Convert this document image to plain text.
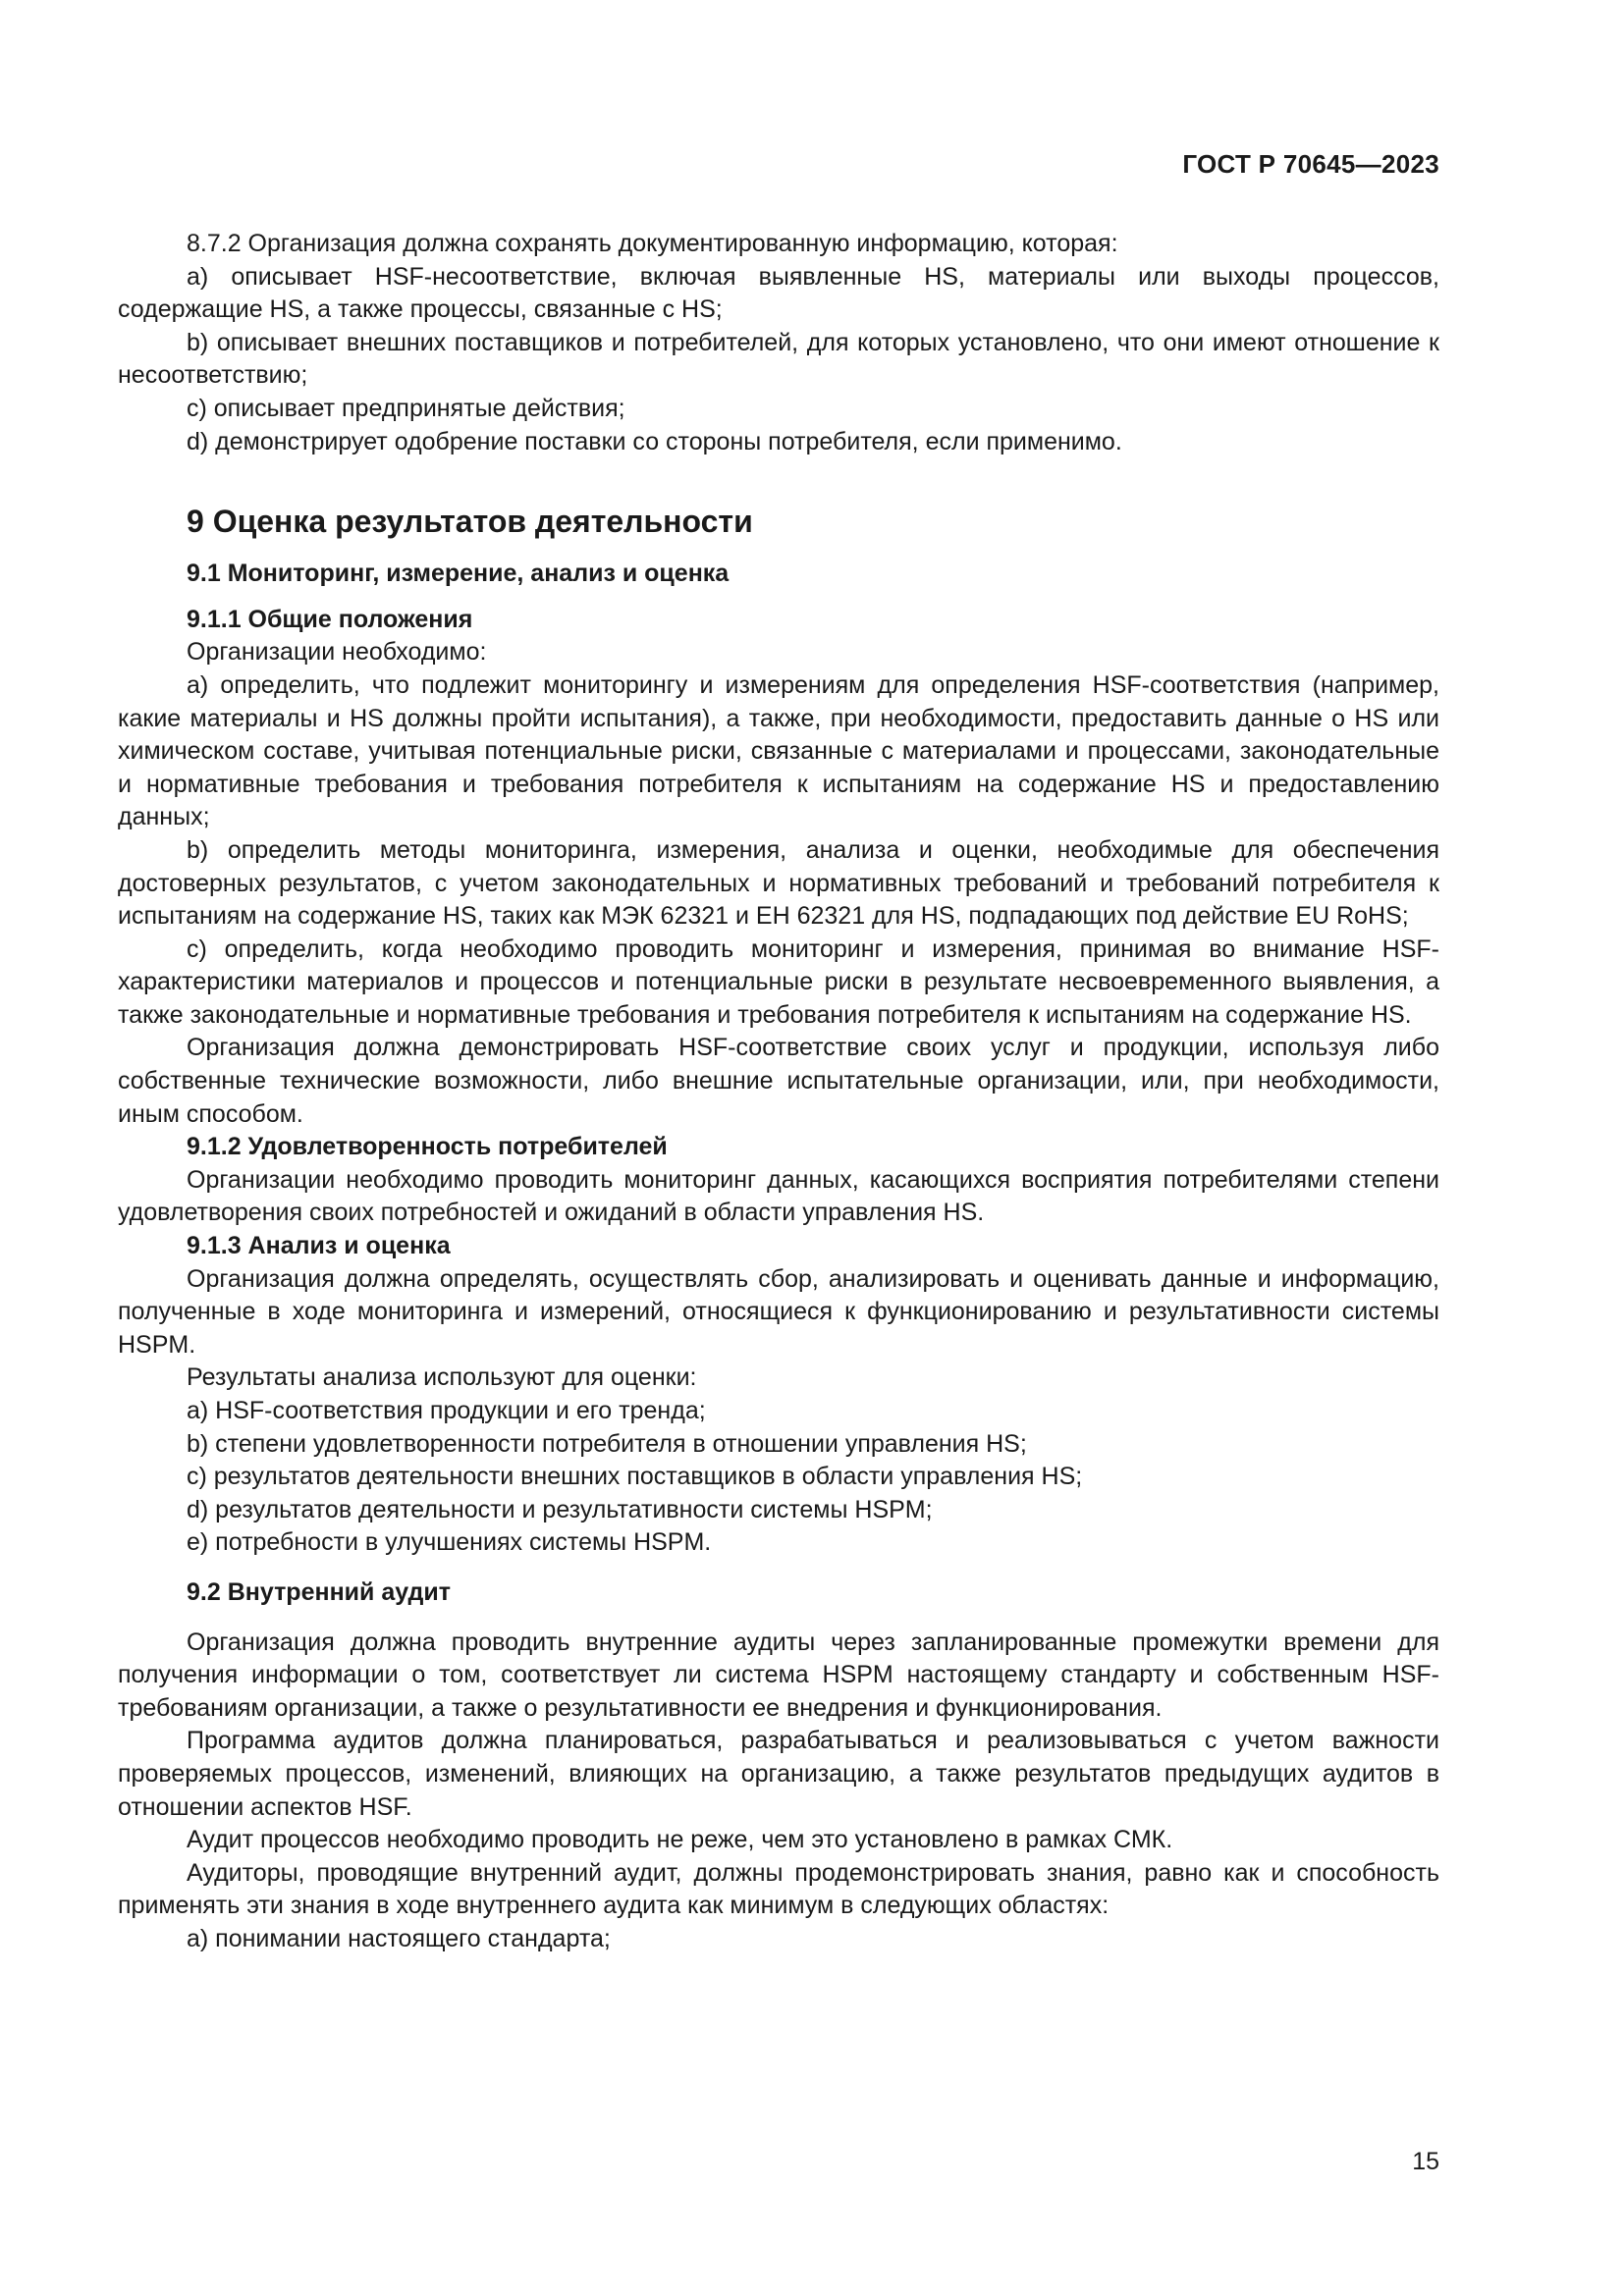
ГОСТ Р 70645—2023

8.7.2 Организация должна сохранять документированную информацию, которая:

a) описывает HSF-несоответствие, включая выявленные HS, материалы или выходы процессов, содержащие HS, а также процессы, связанные с HS;

b) описывает внешних поставщиков и потребителей, для которых установлено, что они имеют отношение к несоответствию;

c) описывает предпринятые действия;

d) демонстрирует одобрение поставки со стороны потребителя, если применимо.

9 Оценка результатов деятельности
9.1 Мониторинг, измерение, анализ и оценка
9.1.1 Общие положения

Организации необходимо:

a) определить, что подлежит мониторингу и измерениям для определения HSF-соответствия (например, какие материалы и HS должны пройти испытания), а также, при необходимости, предоставить данные о HS или химическом составе, учитывая потенциальные риски, связанные с материалами и процессами, законодательные и нормативные требования и требования потребителя к испытаниям на содержание HS и предоставлению данных;

b) определить методы мониторинга, измерения, анализа и оценки, необходимые для обеспечения достоверных результатов, с учетом законодательных и нормативных требований и требований потребителя к испытаниям на содержание HS, таких как МЭК 62321 и ЕН 62321 для HS, подпадающих под действие EU RoHS;

c) определить, когда необходимо проводить мониторинг и измерения, принимая во внимание HSF-характеристики материалов и процессов и потенциальные риски в результате несвоевременного выявления, а также законодательные и нормативные требования и требования потребителя к испытаниям на содержание HS.

Организация должна демонстрировать HSF-соответствие своих услуг и продукции, используя либо собственные технические возможности, либо внешние испытательные организации, или, при необходимости, иным способом.

9.1.2 Удовлетворенность потребителей

Организации необходимо проводить мониторинг данных, касающихся восприятия потребителями степени удовлетворения своих потребностей и ожиданий в области управления HS.

9.1.3 Анализ и оценка

Организация должна определять, осуществлять сбор, анализировать и оценивать данные и информацию, полученные в ходе мониторинга и измерений, относящиеся к функционированию и результативности системы HSPM.

Результаты анализа используют для оценки:

a) HSF-соответствия продукции и его тренда;

b) степени удовлетворенности потребителя в отношении управления HS;

c) результатов деятельности внешних поставщиков в области управления HS;

d) результатов деятельности и результативности системы HSPM;

e) потребности в улучшениях системы HSPM.

9.2 Внутренний аудит

Организация должна проводить внутренние аудиты через запланированные промежутки времени для получения информации о том, соответствует ли система HSPM настоящему стандарту и собственным HSF-требованиям организации, а также о результативности ее внедрения и функционирования.

Программа аудитов должна планироваться, разрабатываться и реализовываться с учетом важности проверяемых процессов, изменений, влияющих на организацию, а также результатов предыдущих аудитов в отношении аспектов HSF.

Аудит процессов необходимо проводить не реже, чем это установлено в рамках СМК.

Аудиторы, проводящие внутренний аудит, должны продемонстрировать знания, равно как и способность применять эти знания в ходе внутреннего аудита как минимум в следующих областях:

а) понимании настоящего стандарта;

15
